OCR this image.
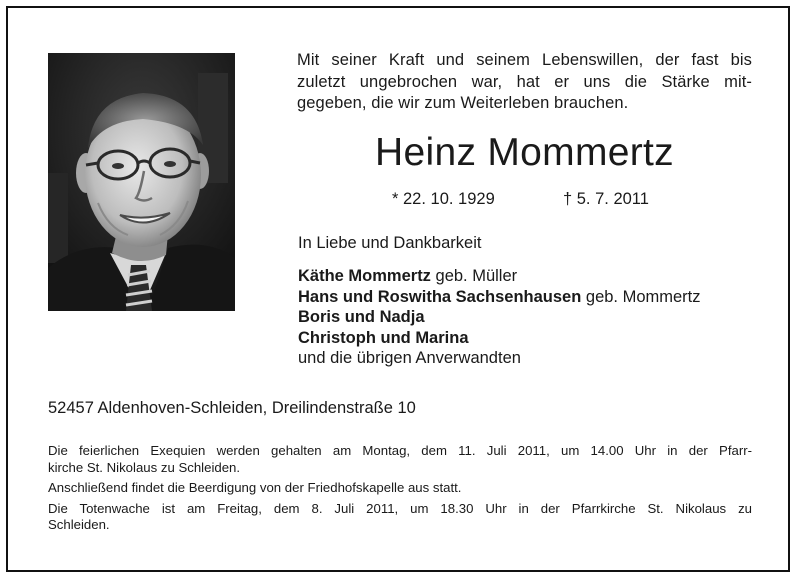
Mit seiner Kraft und seinem Lebenswillen, der fast bis
zuletzt ungebrochen war, hat er uns die Stärke mit-
gegeben, die wir zum Weiterleben brauchen.
Heinz Mommertz
* 22. 10. 1929	† 5. 7. 2011
In Liebe und Dankbarkeit
Käthe Mommertz geb. Müller
Hans und Roswitha Sachsenhausen geb. Mommertz
Boris und Nadja
Christoph und Marina
und die übrigen Anverwandten
52457 Aldenhoven-Schleiden, Dreilindenstraße 10

Die feierlichen Exequien werden gehalten am Montag, dem 11. Juli 2011, um 14.00 Uhr in der Pfarr-
kirche St. Nikolaus zu Schleiden.

Anschließend findet die Beerdigung von der Friedhofskapelle aus statt.

Die Totenwache ist am Freitag, dem 8. Juli 2011, um 18.30 Uhr in der Pfarrkirche St. Nikolaus zu
Schleiden.
